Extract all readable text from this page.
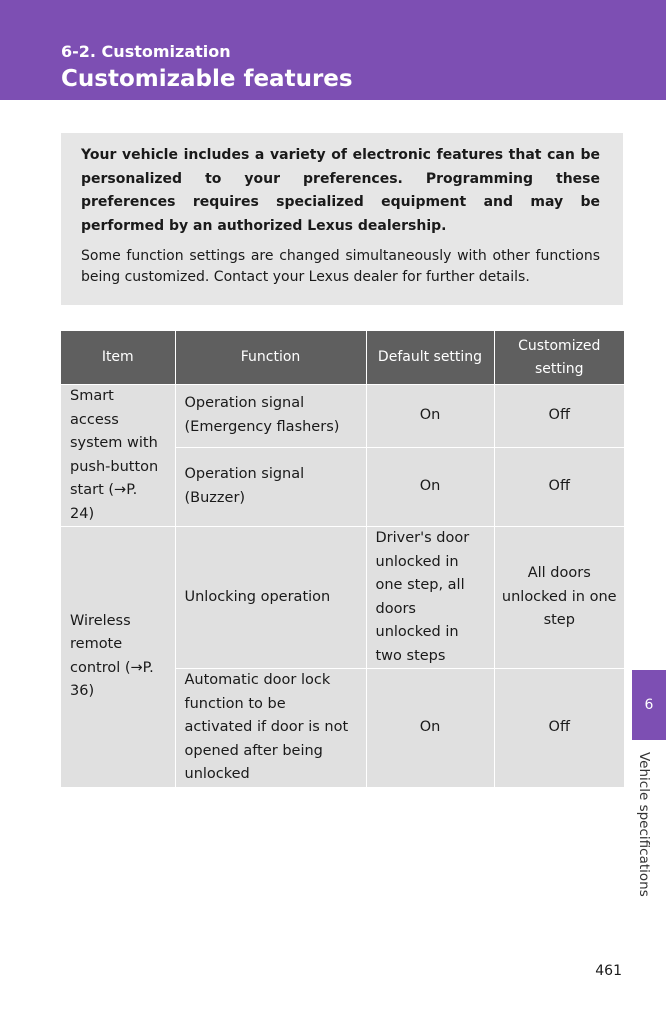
6-2. Customization
Customizable features

Your vehicle includes a variety of electronic features that can be personalized to your preferences. Programming these preferences requires specialized equipment and may be performed by an authorized Lexus dealership.

Some function settings are changed simultaneously with other functions being customized. Contact your Lexus dealer for further details.

Item	Function	Default setting	Customized setting
Smart access system with push-button start (→P. 24)	Operation signal (Emergency flashers)	On	Off
	Operation signal (Buzzer)	On	Off
Wireless remote control (→P. 36)	Unlocking operation	Driver's door unlocked in one step, all doors unlocked in two steps	All doors unlocked in one step
	Automatic door lock function to be activated if door is not opened after being unlocked	On	Off
6
Vehicle specifications
461
